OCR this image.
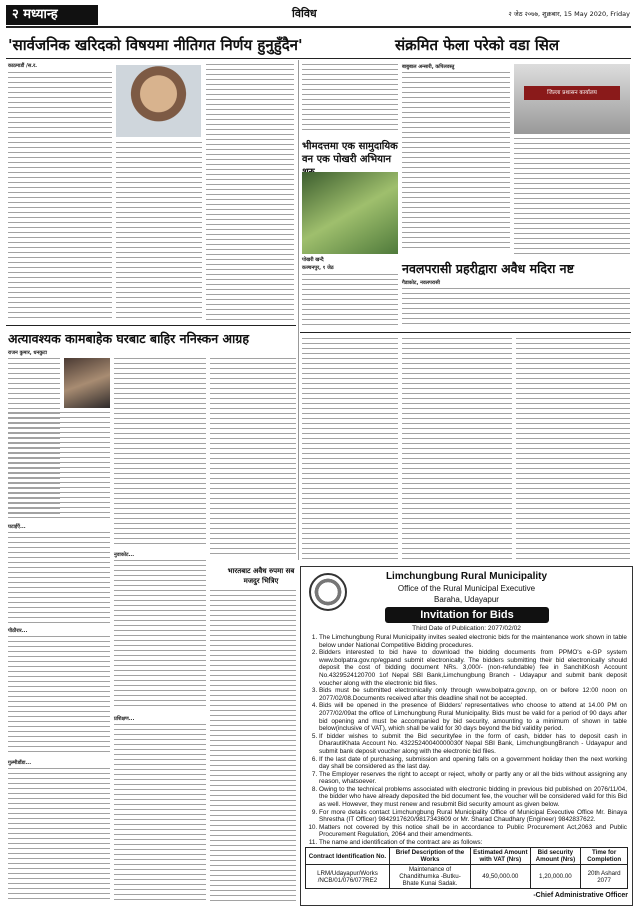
२ मध्यान्ह	विविध	२ जेठ २०७७, शुक्रबार, 15 May 2020, Friday
'सार्वजनिक खरिदको विषयमा नीतिगत निर्णय हुनुहुँदैन'	संक्रमित फेला परेको वडा सिल
काठमाडौं /स.र.
भीमदत्तमा एक सामुदायिक वन एक पोखरी अभियान
पोखरी खन्दै
कञ्चनपुर, १ जेठ
बाबुबाल अन्सारी, कपिलवस्तु
जिल्ला प्रशासन कार्यालय
नवलपरासी प्रहरीद्वारा अवैध मदिरा नष्ट
गैडाकोट, नवलपरासी
अत्यावश्यक कामबाहेक घरबाट बाहिर ननिस्कन आग्रह
राजन कुमार, धनकुटा
घटाईएँ...
पीठौरार...
गुल्मीडाँडा...
नुवाकोट...
प्रशिक्षण...
भारतबाट अवैध रुपमा सब मजदुर भित्रिए	Limchungbung Rural Municipality
Office of the Rural Municipal Executive
Baraha, Udayapur
Invitation for Bids
Third Date of Publication: 2077/02/02
1. The Limchungbung Rural Municipality invites sealed electronic bids for the maintenance work shown in table below under National Competitive Bidding procedures.
2. Bidders interested to bid have to download the bidding documents from PPMO's e-GP system www.bolpatra.gov.np/egpand submit electronically. The bidders submitting their bid electronically should deposit the cost of bidding document NRs. 3,000/- (non-refundable) fee in SanchitKosh Account No.4329524120700 1of Nepal SBI Bank,Limchungbung Branch - Udayapur and submit bank deposit voucher along with the electronic bid files.
3. Bids must be submitted electronically only through www.bolpatra.gov.np, on or before 12:00 noon on 2077/02/08.Documents received after this deadline shall not be accepted.
4. Bids will be opened in the presence of Bidders' representatives who choose to attend at 14.00 PM on 2077/02/09at the office of Limchungbung Rural Municipality. Bids must be valid for a period of 90 days after bid opening and must be accompanied by bid security, amounting to a minimum of shown in table below(inclusive of VAT), which shall be valid for 30 days beyond the bid validity period.
5. If bidder wishes to submit the Bid securityfee in the form of cash, bidder has to deposit cash in DharautiKhata Account No. 43225240040000030f Nepal SBI Bank, LimchungbungBranch - Udayapur and submit bank deposit voucher along with the electronic bid files.
6. If the last date of purchasing, submission and opening falls on a government holiday then the next working day shall be considered as the last day.
7. The Employer reserves the right to accept or reject, wholly or partly any or all the bids without assigning any reason, whatsoever.
8. Owing to the technical problems associated with electronic bidding in previous bid published on 2076/11/04, the bidder who have already deposited the bid document fee, the voucher will be considered valid for this Bid as well. However, they must renew and resubmit Bid security amount as given below.
9. For more details contact Limchungbung Rural Municipality Office of Municipal Executive Office Mr. Binaya Shrestha (IT Officer) 9842917620/9817343609 or Mr. Sharad Chaudhary (Engineer) 9842837622.
10. Matters not covered by this notice shall be in accordance to Public Procurement Act,2063 and Public Procurement Regulation, 2064 and their amendments.
11. The name and identification of the contract are as follows:
Contract Identification No.	Brief Description of the Works	Estimated Amount with VAT (Nrs)	Bid security Amount (Nrs)	Time for Completion
LRM/Udayapur/Works /NCB/01/076/077RE2	Maintenance of Chandithumka -Butku- Bhate Kunai Sadak.	49,50,000.00	1,20,000.00	20th Ashard 2077
-Chief Administrative Officer
